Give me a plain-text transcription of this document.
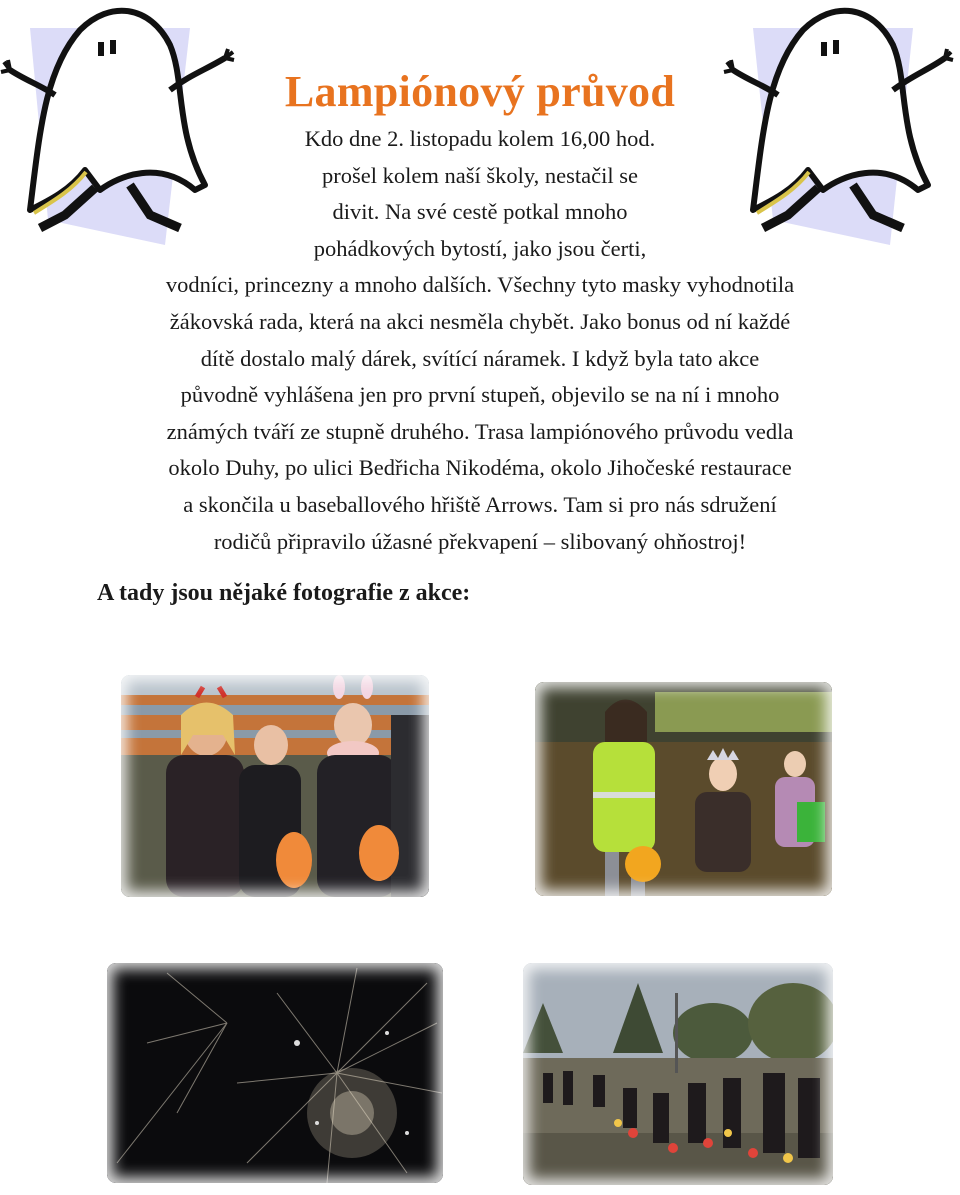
Lampiónový průvod
Kdo dne 2. listopadu kolem 16,00 hod.
prošel kolem naší školy, nestačil se
divit. Na své cestě potkal mnoho
pohádkových bytostí, jako jsou čerti,
vodníci, princezny a mnoho dalších. Všechny tyto masky vyhodnotila
žákovská rada, která na akci nesměla chybět. Jako bonus od ní každé
dítě dostalo malý dárek, svítící náramek. I když byla tato akce
původně vyhlášena jen pro první stupeň, objevilo se na ní i mnoho
známých tváří ze stupně druhého. Trasa lampiónového průvodu vedla
okolo Duhy, po ulici Bedřicha Nikodéma, okolo Jihočeské restaurace
a skončila u baseballového hřiště Arrows. Tam si pro nás sdružení
rodičů připravilo úžasné překvapení – slibovaný ohňostroj!
A tady jsou nějaké fotografie z akce:
